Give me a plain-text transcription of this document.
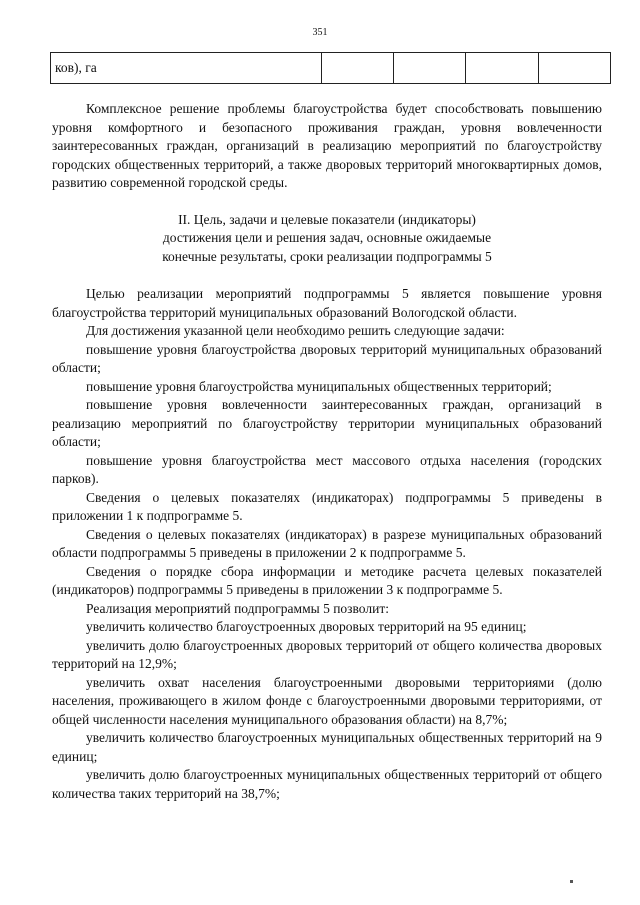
351
ков), га				

Комплексное решение проблемы благоустройства будет способствовать повышению уровня комфортного и безопасного проживания граждан, уровня вовлеченности заинтересованных граждан, организаций в реализацию мероприятий по благоустройству городских общественных территорий, а также дворовых территорий многоквартирных домов, развитию современной городской среды.

II. Цель, задачи и целевые показатели (индикаторы)
достижения цели и решения задач, основные ожидаемые
конечные результаты, сроки реализации подпрограммы 5

Целью реализации мероприятий подпрограммы 5 является повышение уровня благоустройства территорий муниципальных образований Вологодской области.

Для достижения указанной цели необходимо решить следующие задачи:

повышение уровня благоустройства дворовых территорий муниципальных образований области;

повышение уровня благоустройства муниципальных общественных территорий;

повышение уровня вовлеченности заинтересованных граждан, организаций в реализацию мероприятий по благоустройству территории муниципальных образований области;

повышение уровня благоустройства мест массового отдыха населения (городских парков).

Сведения о целевых показателях (индикаторах) подпрограммы 5 приведены в приложении 1 к подпрограмме 5.

Сведения о целевых показателях (индикаторах) в разрезе муниципальных образований области подпрограммы 5 приведены в приложении 2 к подпрограмме 5.

Сведения о порядке сбора информации и методике расчета целевых показателей (индикаторов) подпрограммы 5 приведены в приложении 3 к подпрограмме 5.

Реализация мероприятий подпрограммы 5 позволит:

увеличить количество благоустроенных дворовых территорий на 95 единиц;

увеличить долю благоустроенных дворовых территорий от общего количества дворовых территорий на 12,9%;

увеличить охват населения благоустроенными дворовыми территориями (долю населения, проживающего в жилом фонде с благоустроенными дворовыми территориями, от общей численности населения муниципального образования области) на 8,7%;

увеличить количество благоустроенных муниципальных общественных территорий на 9 единиц;

увеличить долю благоустроенных муниципальных общественных территорий от общего количества таких территорий на 38,7%;
